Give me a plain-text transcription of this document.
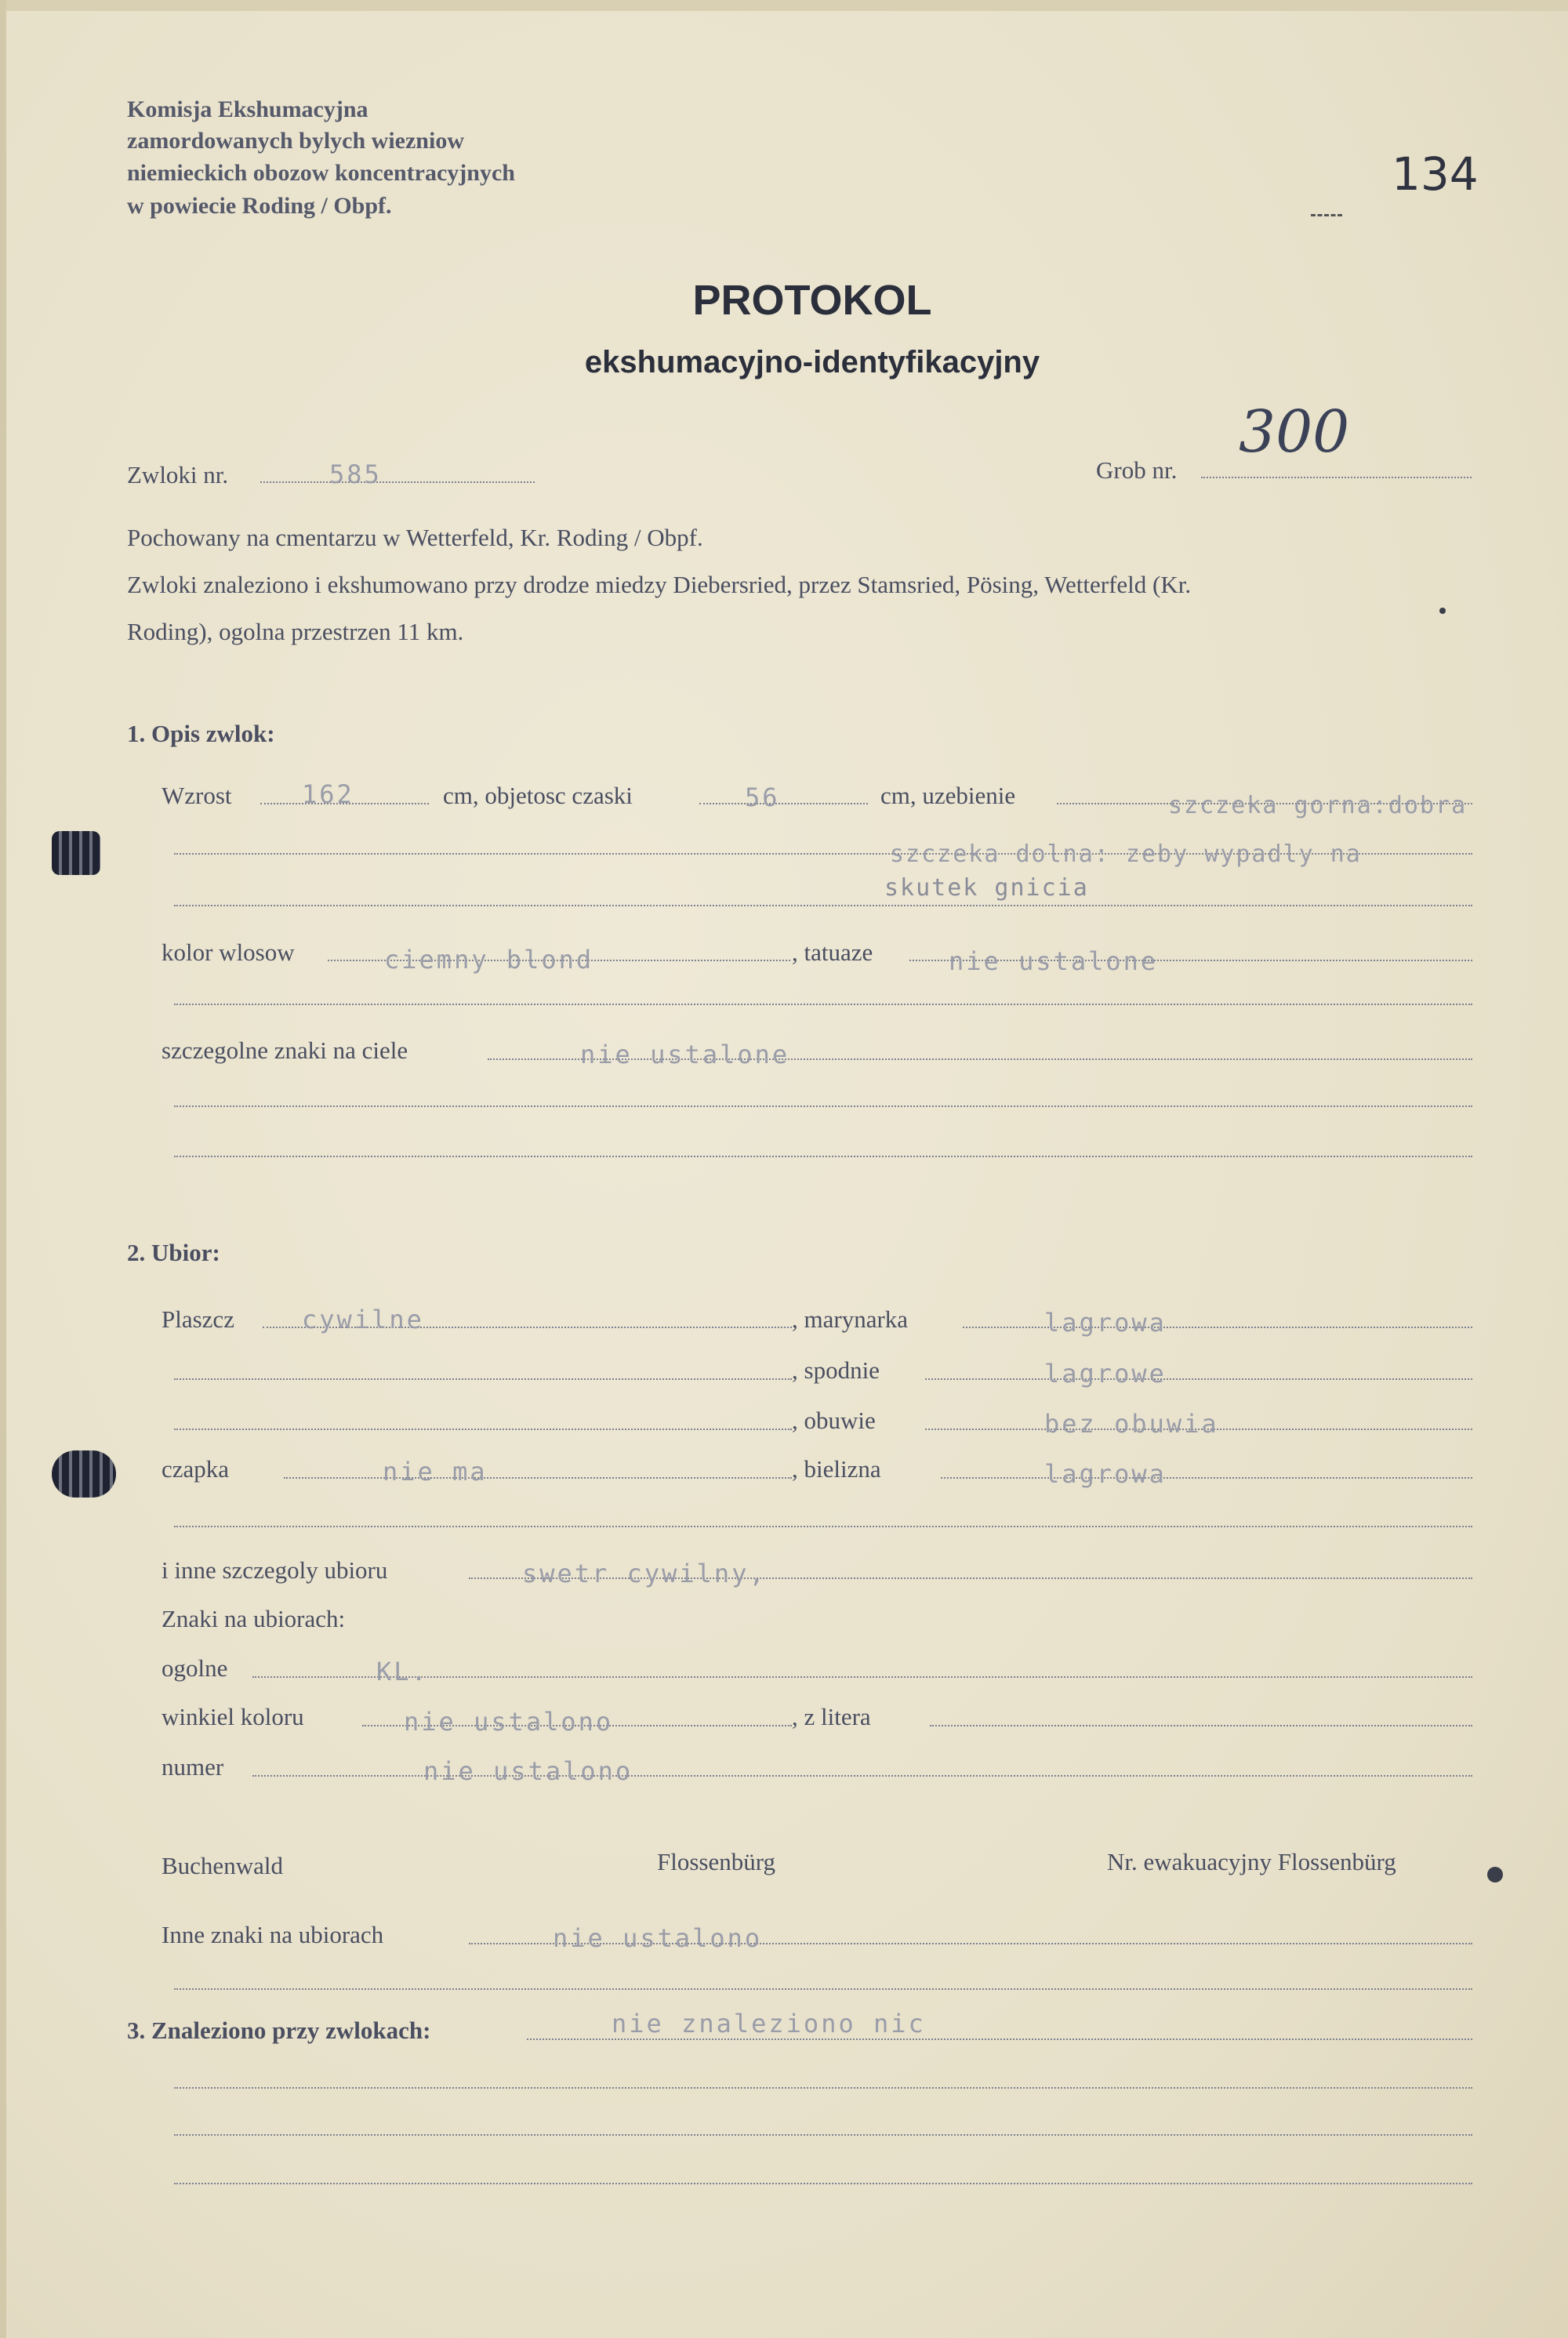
Komisja Ekshumacyjna
zamordowanych bylych wiezniow
niemieckich obozow koncentracyjnych
w powiecie Roding / Obpf.
134
PROTOKOL
ekshumacyjno-identyfikacyjny
Zwloki nr.	585	Grob nr.
300
Pochowany na cmentarzu w Wetterfeld, Kr. Roding / Obpf.
Zwloki znaleziono i ekshumowano przy drodze miedzy Diebersried, przez Stamsried, Pösing, Wetterfeld (Kr.
Roding), ogolna przestrzen 11 km.
1. Opis zwlok:
Wzrost	162	cm, objetosc czaski	56	cm, uzebienie	szczeka gorna:dobra
szczeka dolna: zeby wypadly na
skutek gnicia
kolor wlosow	ciemny blond	, tatuaze	nie ustalone
szczegolne znaki na ciele	nie ustalone
2. Ubior:
Plaszcz	cywilne	, marynarka	lagrowa
, spodnie	lagrowe
, obuwie	bez obuwia
czapka	nie ma	, bielizna	lagrowa
i inne szczegoly ubioru	swetr cywilny,
Znaki na ubiorach:
ogolne	KL.
winkiel koloru	nie ustalono	, z litera
numer	nie ustalono
Buchenwald	Flossenbürg	Nr. ewakuacyjny Flossenbürg
Inne znaki na ubiorach	nie ustalono
3. Znaleziono przy zwlokach:	nie znaleziono nic
